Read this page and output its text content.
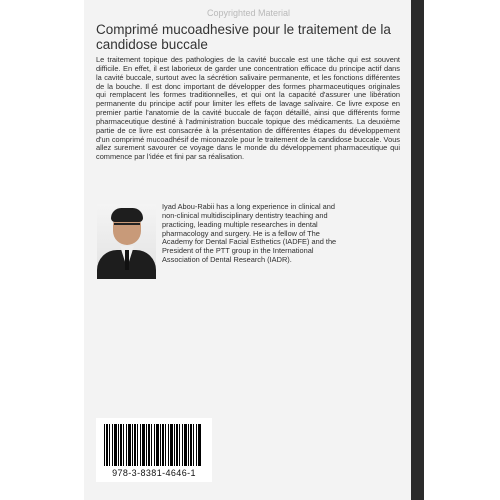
Copyrighted Material
Comprimé mucoadhesive pour le traitement de la candidose buccale
Le traitement topique des pathologies de la cavité buccale est une tâche qui est souvent difficile. En effet, il est laborieux de garder une concentration efficace du principe actif dans la cavité buccale, surtout avec la sécrétion salivaire permanente, et les fonctions différentes de la bouche. Il est donc important de développer des formes pharmaceutiques originales qui remplacent les formes traditionnelles, et qui ont la capacité d'assurer une libération permanente du principe actif pour limiter les effets de lavage salivaire. Ce livre expose en premier partie l'anatomie de la cavité buccale de façon détaillé, ainsi que différents forme pharmaceutique destiné à l'administration buccale topique des médicaments. La deuxième partie de ce livre est consacrée à la présentation de différentes étapes du développement d'un comprimé mucoadhésif de miconazole pour le traitement de la candidose buccale. Vous allez surement savourer ce voyage dans le monde du développement pharmaceutique qui commence par l'idée et fini par sa réalisation.
Iyad Abou-Rabii has a long experience in clinical and non-clinical multidisciplinary dentistry teaching and practicing, leading multiple researches in dental pharmacology and surgery. He is a fellow of The Academy for Dental Facial Esthetics (IADFE) and the President of the PTT group in the International Association of Dental Research (IADR).
978-3-8381-4646-1
